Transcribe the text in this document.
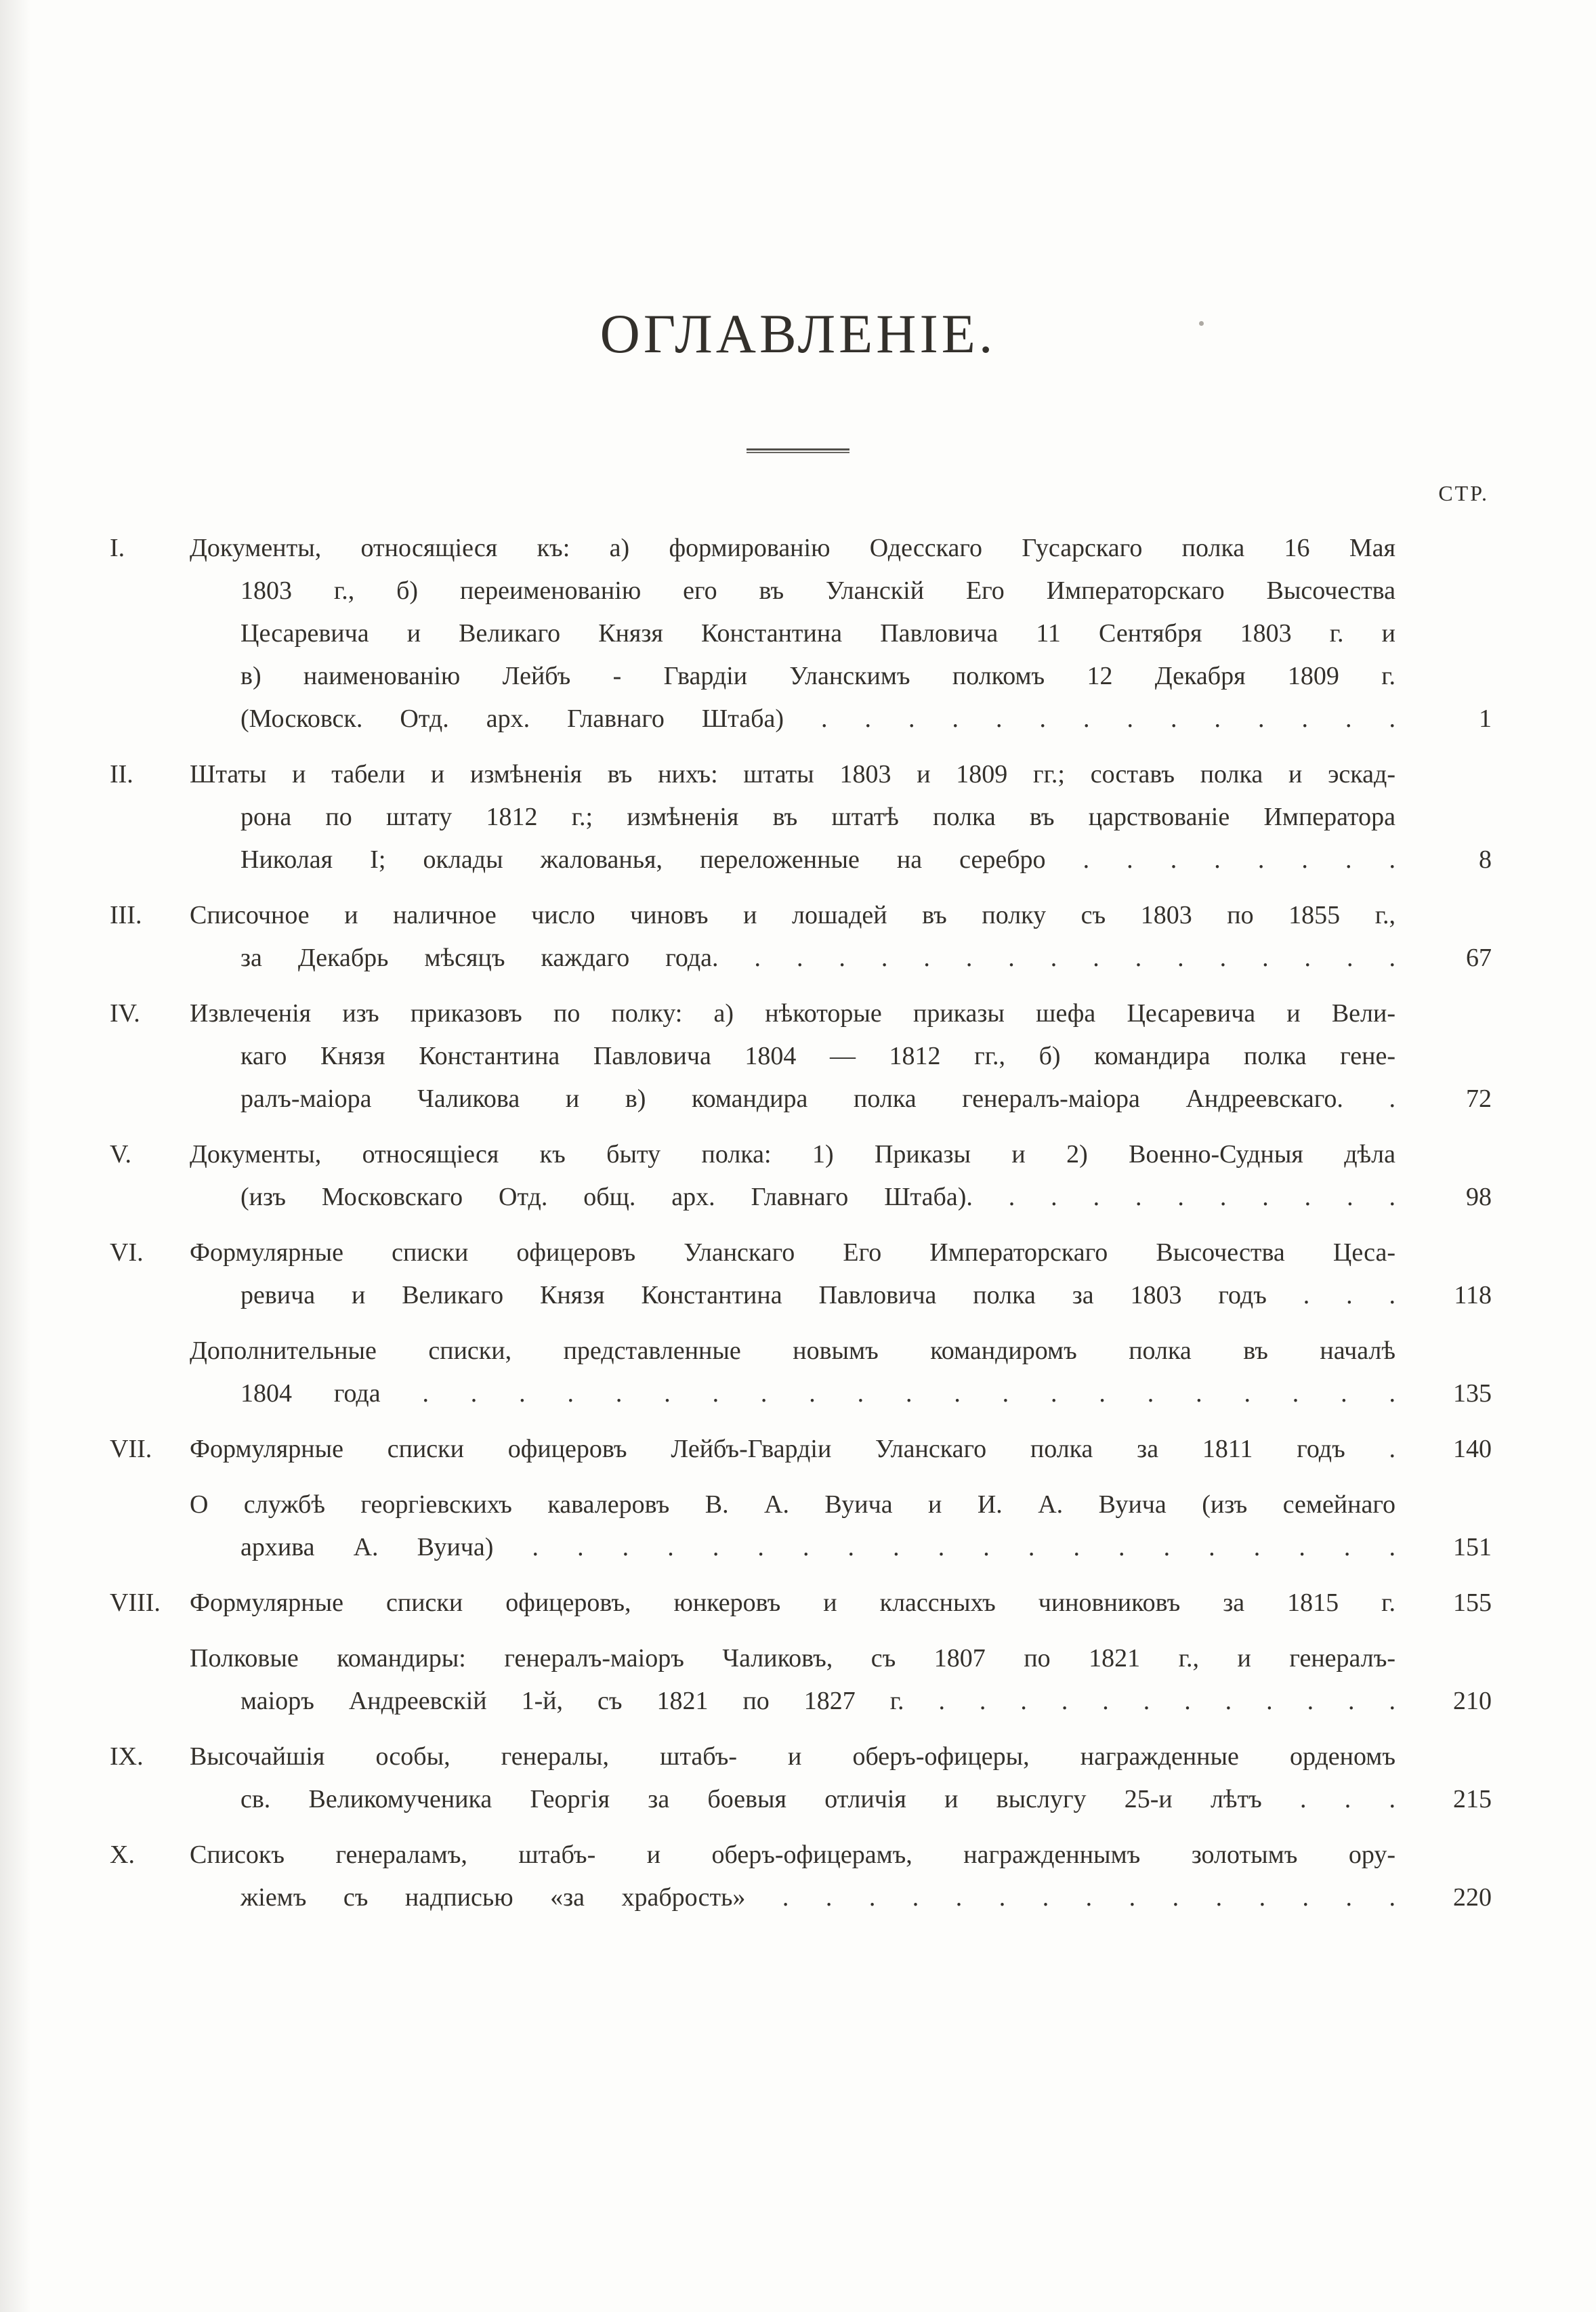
ОГЛАВЛЕНІЕ.
СТР.
I.	Документы, относящіеся къ: а) формированію Одесскаго Гусарскаго полка 16 Мая
1803 г., б) переименованію его въ Уланскій Его Императорскаго Высочества
Цесаревича и Великаго Князя Константина Павловича 11 Сентября 1803 г. и
в) наименованію Лейбъ - Гвардіи Уланскимъ полкомъ 12 Декабря 1809 г.
(Московск. Отд. арх. Главнаго Штаба) . . . . . . . . . . . . . .	1
II.	Штаты и табели и измѣненія въ нихъ: штаты 1803 и 1809 гг.; составъ полка и эскад-
рона по штату 1812 г.; измѣненія въ штатѣ полка въ царствованіе Императора
Николая I; оклады жалованья, переложенные на серебро . . . . . . . .	8
III.	Списочное и наличное число чиновъ и лошадей въ полку съ 1803 по 1855 г.,
за Декабрь мѣсяцъ каждаго года. . . . . . . . . . . . . . . . .	67
IV.	Извлеченія изъ приказовъ по полку: а) нѣкоторые приказы шефа Цесаревича и Вели-
каго Князя Константина Павловича 1804 — 1812 гг., б) командира полка гене-
ралъ-маіора Чаликова и в) командира полка генералъ-маіора Андреевскаго. .	72
V.	Документы, относящіеся къ быту полка: 1) Приказы и 2) Военно-Судныя дѣла
(изъ Московскаго Отд. общ. арх. Главнаго Штаба). . . . . . . . . . .	98
VI.	Формулярные списки офицеровъ Уланскаго Его Императорскаго Высочества Цеса-
ревича и Великаго Князя Константина Павловича полка за 1803 годъ . . .	118
Дополнительные списки, представленные новымъ командиромъ полка въ началѣ
1804 года . . . . . . . . . . . . . . . . . . . . .	135
VII.	Формулярные списки офицеровъ Лейбъ-Гвардіи Уланскаго полка за 1811 годъ .	140
О службѣ георгіевскихъ кавалеровъ В. А. Вуича и И. А. Вуича (изъ семейнаго
архива А. Вуича) . . . . . . . . . . . . . . . . . . . .	151
VIII.	Формулярные списки офицеровъ, юнкеровъ и классныхъ чиновниковъ за 1815 г.	155
Полковые командиры: генералъ-маіоръ Чаликовъ, съ 1807 по 1821 г., и генералъ-
маіоръ Андреевскій 1-й, съ 1821 по 1827 г. . . . . . . . . . . . .	210
IX.	Высочайшія особы, генералы, штабъ- и оберъ-офицеры, награжденные орденомъ
св. Великомученика Георгія за боевыя отличія и выслугу 25-и лѣтъ . . .	215
X.	Списокъ генераламъ, штабъ- и оберъ-офицерамъ, награжденнымъ золотымъ ору-
жіемъ съ надписью «за храбрость» . . . . . . . . . . . . . . .	220
